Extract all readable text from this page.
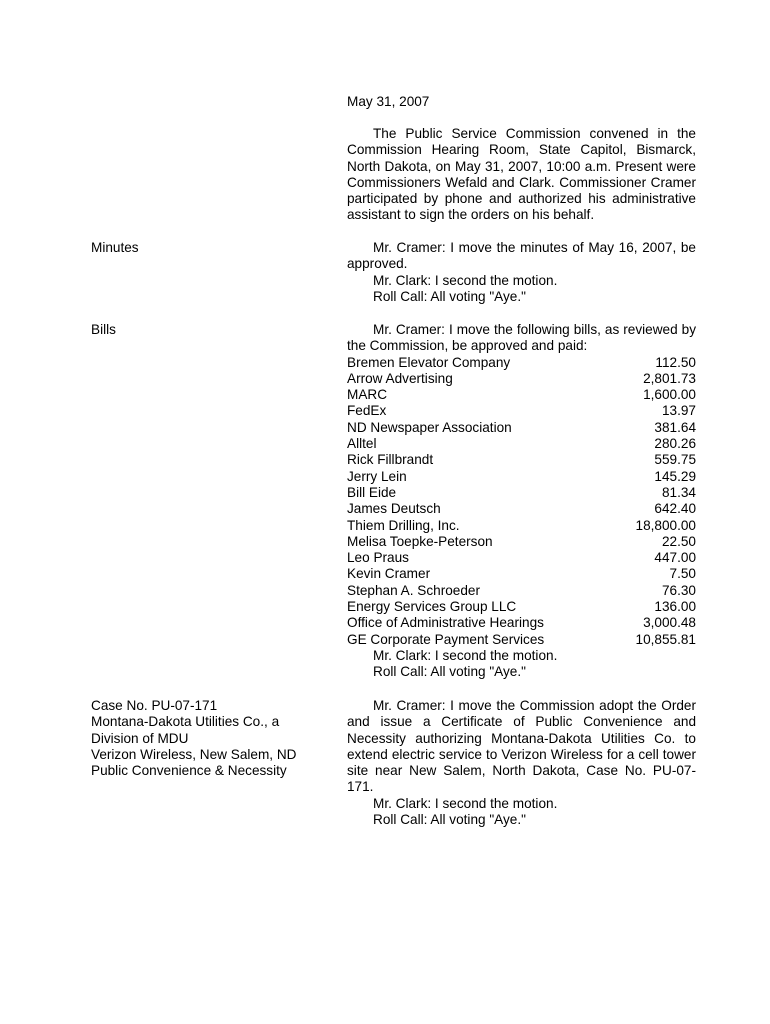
May 31, 2007

The Public Service Commission convened in the Commission Hearing Room, State Capitol, Bismarck, North Dakota, on May 31, 2007, 10:00 a.m. Present were Commissioners Wefald and Clark. Commissioner Cramer participated by phone and authorized his administrative assistant to sign the orders on his behalf.

Minutes	Mr. Cramer: I move the minutes of May 16, 2007, be approved.

Mr. Clark: I second the motion.
Roll Call: All voting "Aye."
Bills	Mr. Cramer: I move the following bills, as reviewed by the Commission, be approved and paid:

Bremen Elevator Company	112.50
Arrow Advertising	2,801.73
MARC	1,600.00
FedEx	13.97
ND Newspaper Association	381.64
Alltel	280.26
Rick Fillbrandt	559.75
Jerry Lein	145.29
Bill Eide	81.34
James Deutsch	642.40
Thiem Drilling, Inc.	18,800.00
Melisa Toepke-Peterson	22.50
Leo Praus	447.00
Kevin Cramer	7.50
Stephan A. Schroeder	76.30
Energy Services Group LLC	136.00
Office of Administrative Hearings	3,000.48
GE Corporate Payment Services	10,855.81
Mr. Clark: I second the motion.
Roll Call: All voting "Aye."
Case No. PU-07-171
Montana-Dakota Utilities Co., a
Division of MDU
Verizon Wireless, New Salem, ND
Public Convenience & Necessity

Mr. Cramer: I move the Commission adopt the Order and issue a Certificate of Public Convenience and Necessity authorizing Montana-Dakota Utilities Co. to extend electric service to Verizon Wireless for a cell tower site near New Salem, North Dakota, Case No. PU-07-171.

Mr. Clark: I second the motion.
Roll Call: All voting "Aye."
